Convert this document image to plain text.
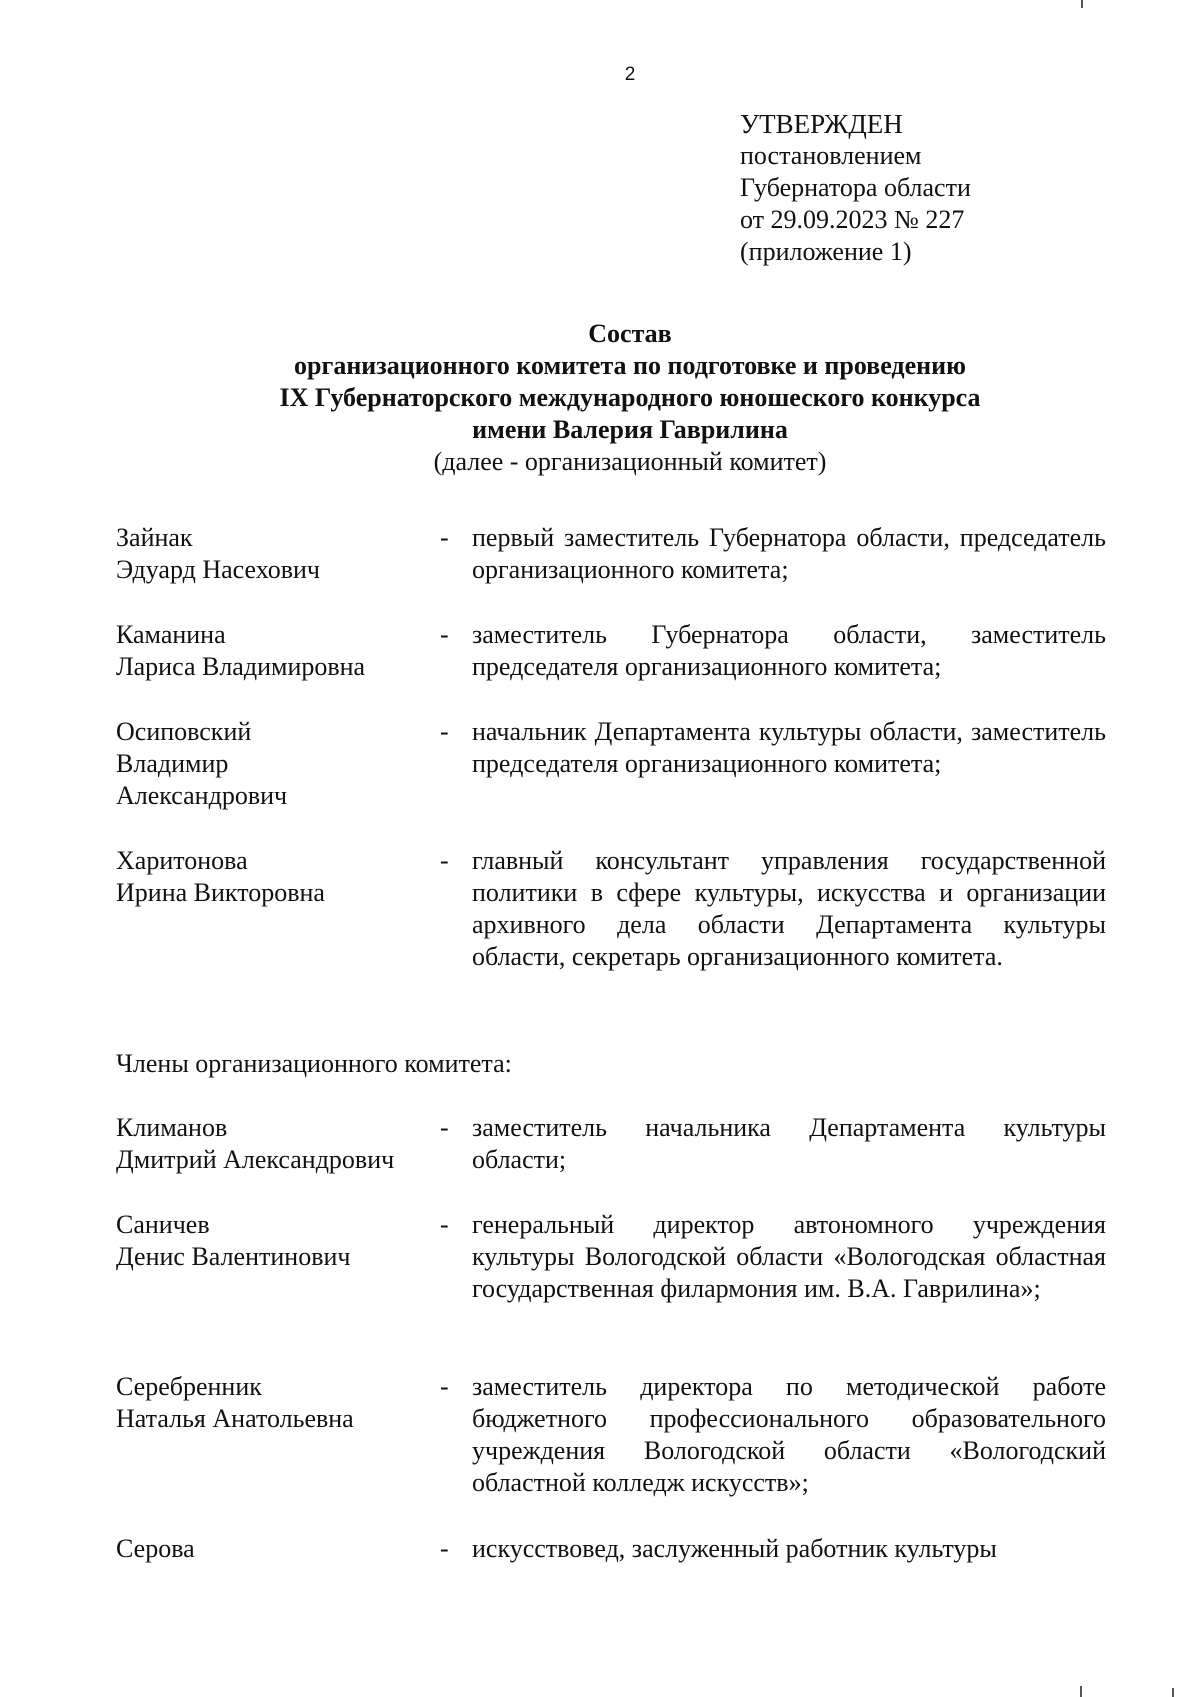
2
УТВЕРЖДЕН
постановлением
Губернатора области
от 29.09.2023 № 227
(приложение 1)
Состав
организационного комитета по подготовке и проведению
IX Губернаторского международного юношеского конкурса
имени Валерия Гаврилина
(далее - организационный комитет)
Зайнак
Эдуард Насехович
- первый заместитель Губернатора области, председатель организационного комитета;
Каманина
Лариса Владимировна
- заместитель Губернатора области, заместитель председателя организационного комитета;
Осиповский
Владимир
Александрович
- начальник Департамента культуры области, заместитель председателя организационного комитета;
Харитонова
Ирина Викторовна
- главный консультант управления государственной политики в сфере культуры, искусства и организации архивного дела области Департамента культуры области, секретарь организационного комитета.
Члены организационного комитета:
Климанов
Дмитрий Александрович
- заместитель начальника Департамента культуры области;
Саничев
Денис Валентинович
- генеральный директор автономного учреждения культуры Вологодской области «Вологодская областная государственная филармония им. В.А. Гаврилина»;
Серебренник
Наталья Анатольевна
- заместитель директора по методической работе бюджетного профессионального образовательного учреждения Вологодской области «Вологодский областной колледж искусств»;
Серова	- искусствовед, заслуженный работник культуры
